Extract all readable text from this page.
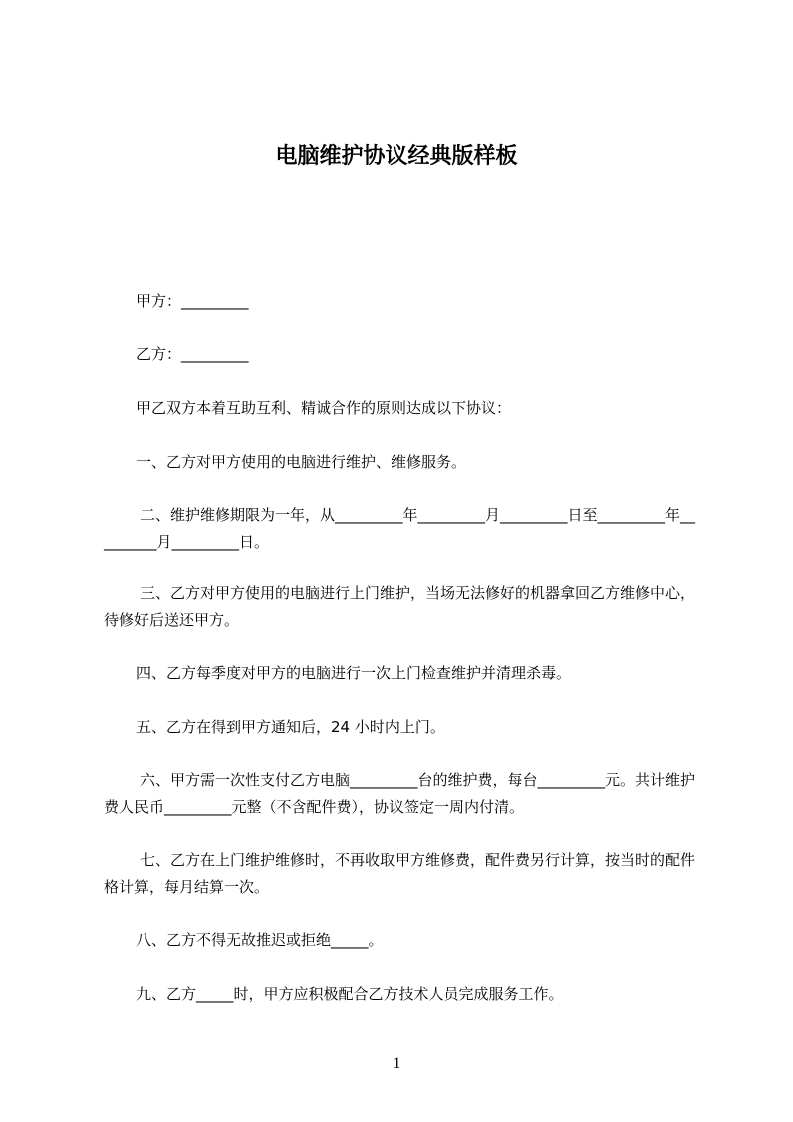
电脑维护协议经典版样板

甲方：_________

乙方：_________

甲乙双方本着互助互利、精诚合作的原则达成以下协议：

一、乙方对甲方使用的电脑进行维护、维修服务。

二、维护维修期限为一年，从_________年_________月_________日至_________年_________月_________日。

三、乙方对甲方使用的电脑进行上门维护，当场无法修好的机器拿回乙方维修中心，待修好后送还甲方。

四、乙方每季度对甲方的电脑进行一次上门检查维护并清理杀毒。

五、乙方在得到甲方通知后，24 小时内上门。

六、甲方需一次性支付乙方电脑_________台的维护费，每台_________元。共计维护费人民币_________元整（不含配件费），协议签定一周内付清。

七、乙方在上门维护维修时，不再收取甲方维修费，配件费另行计算，按当时的配件格计算，每月结算一次。

八、乙方不得无故推迟或拒绝_____。

九、乙方_____时，甲方应积极配合乙方技术人员完成服务工作。

1
